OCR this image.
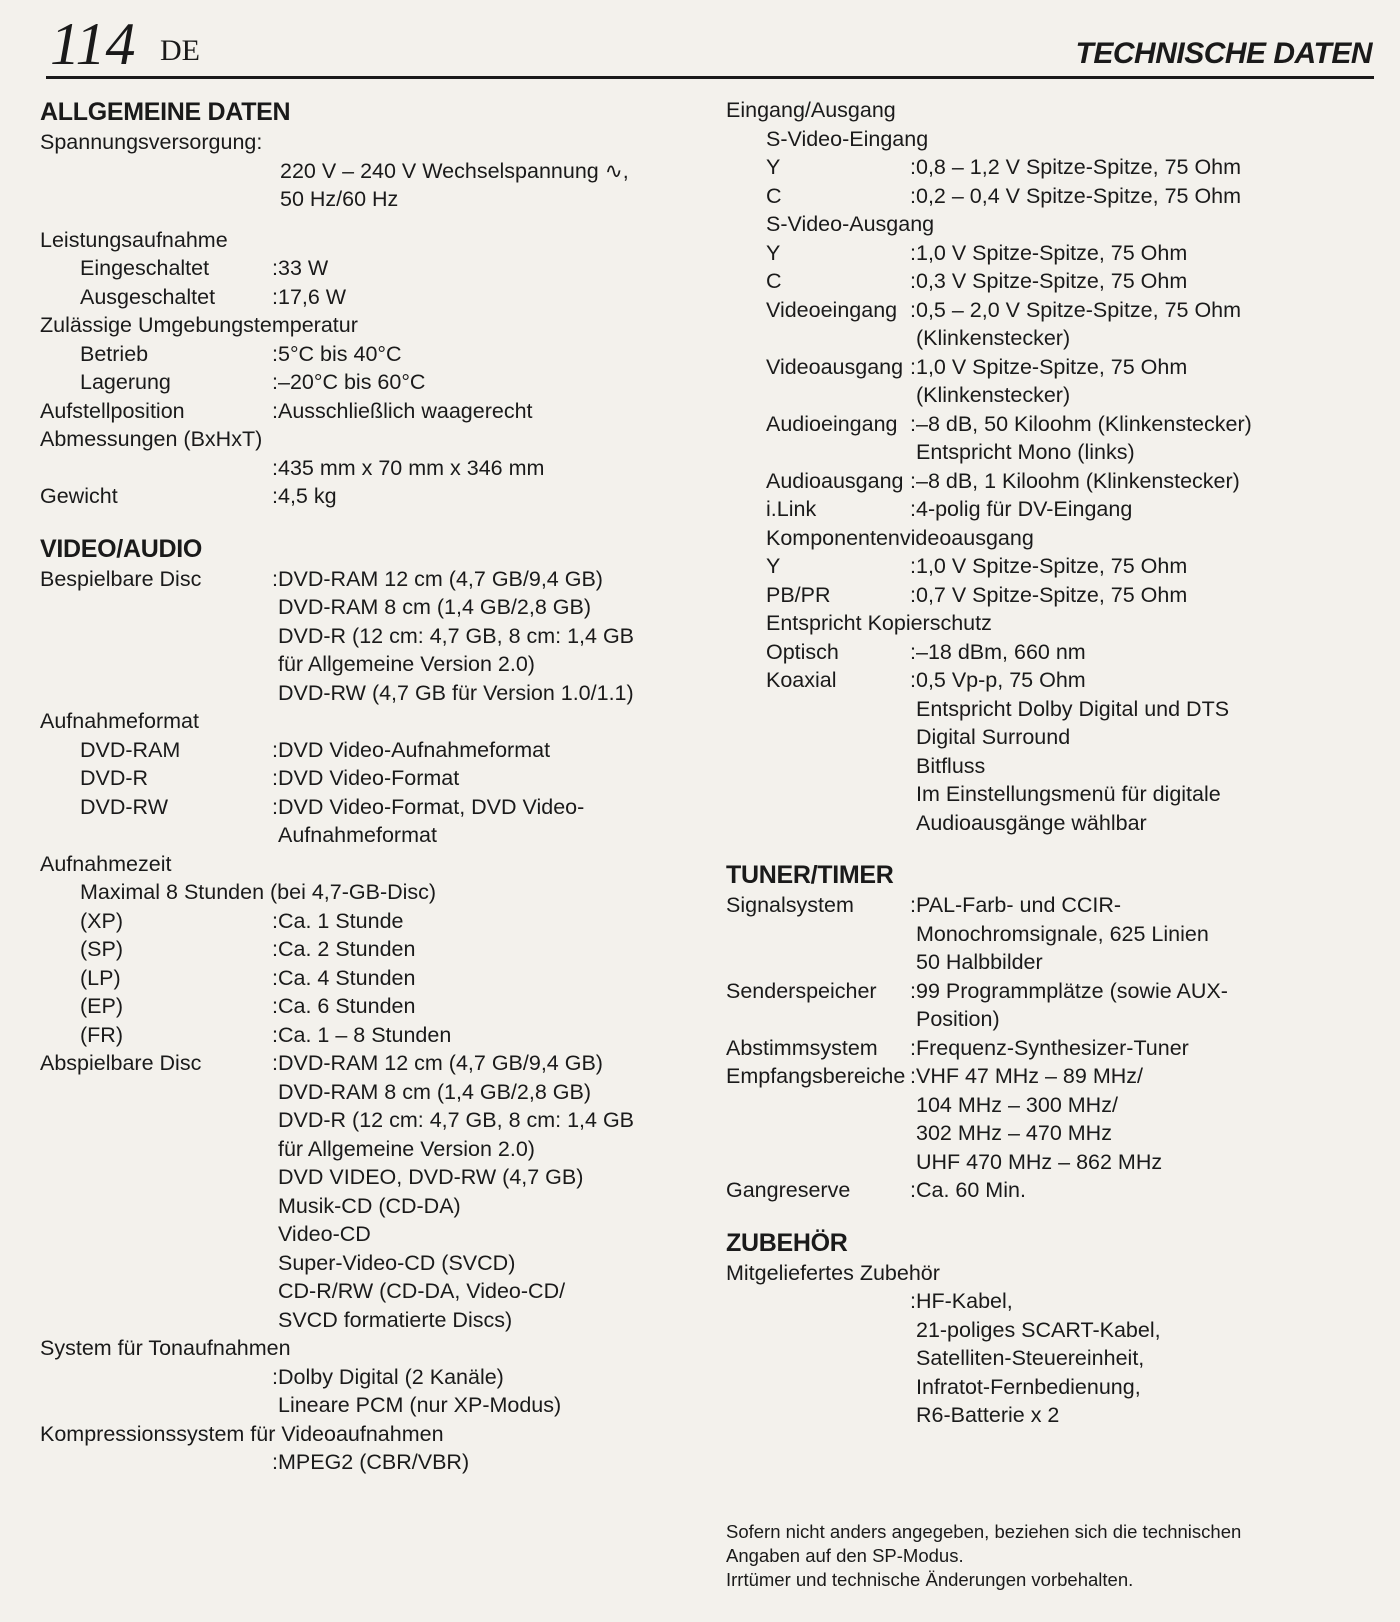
114 DE	TECHNISCHE DATEN
ALLGEMEINE DATEN
Spannungsversorgung:
220 V – 240 V Wechselspannung ∿,
50 Hz/60 Hz
Leistungsaufnahme
Eingeschaltet	: 33 W
Ausgeschaltet	: 17,6 W
Zulässige Umgebungstemperatur
Betrieb	: 5°C bis 40°C
Lagerung	: –20°C bis 60°C
Aufstellposition	: Ausschließlich waagerecht
Abmessungen (BxHxT)
: 435 mm x 70 mm x 346 mm
Gewicht	: 4,5 kg
VIDEO/AUDIO
Bespielbare Disc	: DVD-RAM 12 cm (4,7 GB/9,4 GB)
DVD-RAM 8 cm (1,4 GB/2,8 GB)
DVD-R (12 cm: 4,7 GB, 8 cm: 1,4 GB
für Allgemeine Version 2.0)
DVD-RW (4,7 GB für Version 1.0/1.1)
Aufnahmeformat
DVD-RAM	: DVD Video-Aufnahmeformat
DVD-R	: DVD Video-Format
DVD-RW	: DVD Video-Format, DVD Video-
Aufnahmeformat
Aufnahmezeit
Maximal 8 Stunden (bei 4,7-GB-Disc)
(XP)	: Ca. 1 Stunde
(SP)	: Ca. 2 Stunden
(LP)	: Ca. 4 Stunden
(EP)	: Ca. 6 Stunden
(FR)	: Ca. 1 – 8 Stunden
Abspielbare Disc	: DVD-RAM 12 cm (4,7 GB/9,4 GB)
DVD-RAM 8 cm (1,4 GB/2,8 GB)
DVD-R (12 cm: 4,7 GB, 8 cm: 1,4 GB
für Allgemeine Version 2.0)
DVD VIDEO, DVD-RW (4,7 GB)
Musik-CD (CD-DA)
Video-CD
Super-Video-CD (SVCD)
CD-R/RW (CD-DA, Video-CD/
SVCD formatierte Discs)
System für Tonaufnahmen
: Dolby Digital (2 Kanäle)
Lineare PCM (nur XP-Modus)
Kompressionssystem für Videoaufnahmen
: MPEG2 (CBR/VBR)
Eingang/Ausgang
S-Video-Eingang
Y	: 0,8 – 1,2 V Spitze-Spitze, 75 Ohm
C	: 0,2 – 0,4 V Spitze-Spitze, 75 Ohm
S-Video-Ausgang
Y	: 1,0 V Spitze-Spitze, 75 Ohm
C	: 0,3 V Spitze-Spitze, 75 Ohm
Videoeingang : 0,5 – 2,0 V Spitze-Spitze, 75 Ohm
(Klinkenstecker)
Videoausgang : 1,0 V Spitze-Spitze, 75 Ohm
(Klinkenstecker)
Audioeingang : –8 dB, 50 Kiloohm (Klinkenstecker)
Entspricht Mono (links)
Audioausgang : –8 dB, 1 Kiloohm (Klinkenstecker)
i.Link	: 4-polig für DV-Eingang
Komponentenvideoausgang
Y	: 1,0 V Spitze-Spitze, 75 Ohm
PB/PR	: 0,7 V Spitze-Spitze, 75 Ohm
Entspricht Kopierschutz
Optisch	: –18 dBm, 660 nm
Koaxial	: 0,5 Vp-p, 75 Ohm
Entspricht Dolby Digital und DTS
Digital Surround
Bitfluss
Im Einstellungsmenü für digitale
Audioausgänge wählbar
TUNER/TIMER
Signalsystem	: PAL-Farb- und CCIR-
Monochromsignale, 625 Linien
50 Halbbilder
Senderspeicher	: 99 Programmplätze (sowie AUX-
Position)
Abstimmsystem	: Frequenz-Synthesizer-Tuner
Empfangsbereiche : VHF 47 MHz – 89 MHz/
104 MHz – 300 MHz/
302 MHz – 470 MHz
UHF 470 MHz – 862 MHz
Gangreserve	: Ca. 60 Min.
ZUBEHÖR
Mitgeliefertes Zubehör
: HF-Kabel,
21-poliges SCART-Kabel,
Satelliten-Steuereinheit,
Infratot-Fernbedienung,
R6-Batterie x 2
Sofern nicht anders angegeben, beziehen sich die technischen
Angaben auf den SP-Modus.
Irrtümer und technische Änderungen vorbehalten.
